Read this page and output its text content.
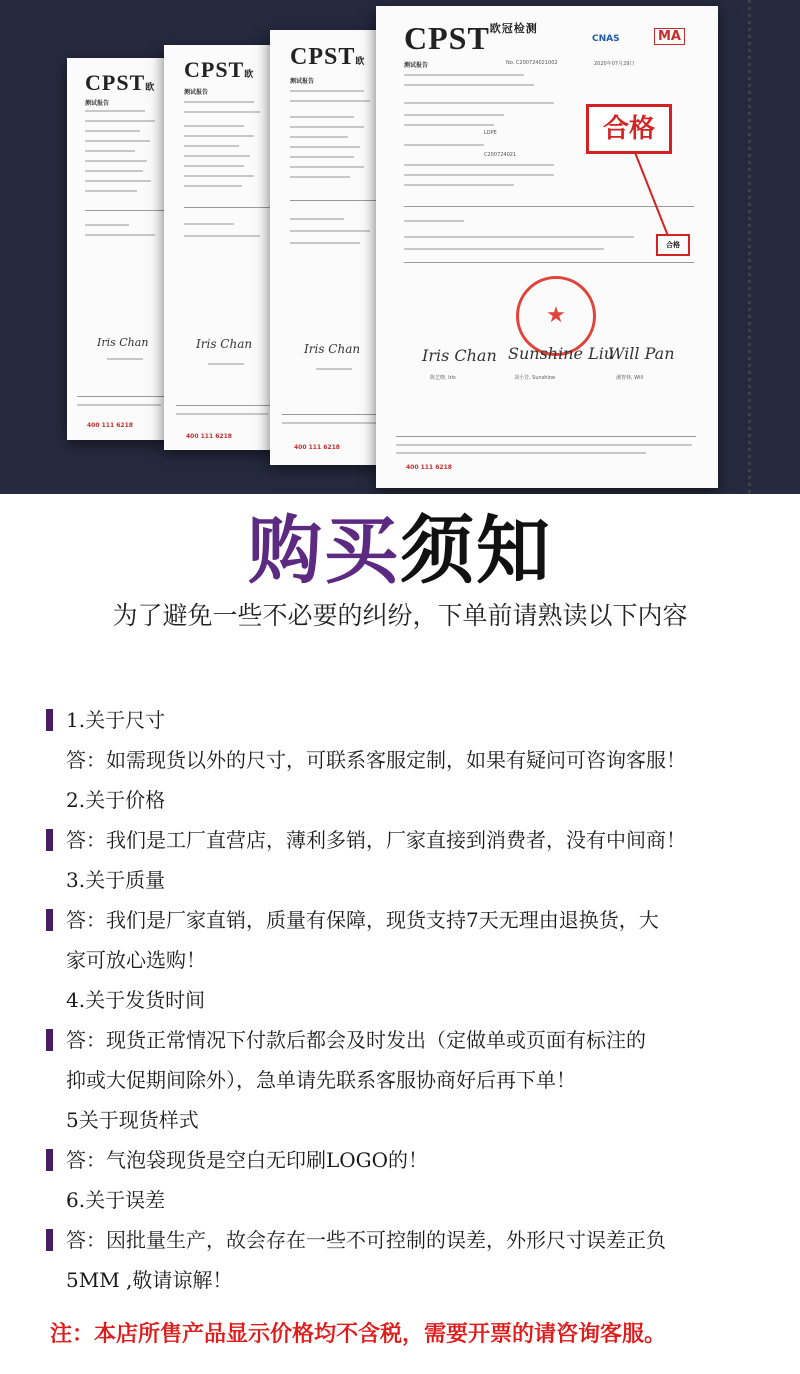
CPST欧
测试报告
Iris Chan
400 111 6218
CPST欧
测试报告
Iris Chan
400 111 6218
CPST欧
测试报告
Iris Chan
400 111 6218
$CPST^{欧冠检测}$
CNAS	MA
测试报告	No. C200724021002	2020年07月29日
LDPE
C200724021
合格
★
Iris Chan Sunshine Liu
Will Pan
陈艺晓, Iris	刘小芳, Sunshine	潘智林, Will
400 111 6218
合格
购买须知
为了避免一些不必要的纠纷，下单前请熟读以下内容
1.关于尺寸
答：如需现货以外的尺寸，可联系客服定制，如果有疑问可咨询客服！
2.关于价格
答：我们是工厂直营店，薄利多销，厂家直接到消费者，没有中间商！
3.关于质量
答：我们是厂家直销，质量有保障，现货支持7天无理由退换货，大
家可放心选购！
4.关于发货时间
答：现货正常情况下付款后都会及时发出（定做单或页面有标注的
抑或大促期间除外），急单请先联系客服协商好后再下单！
5关于现货样式
答：气泡袋现货是空白无印刷LOGO的！
6.关于误差
答：因批量生产，故会存在一些不可控制的误差，外形尺寸误差正负
5MM ,敬请谅解！
注：本店所售产品显示价格均不含税，需要开票的请咨询客服。
